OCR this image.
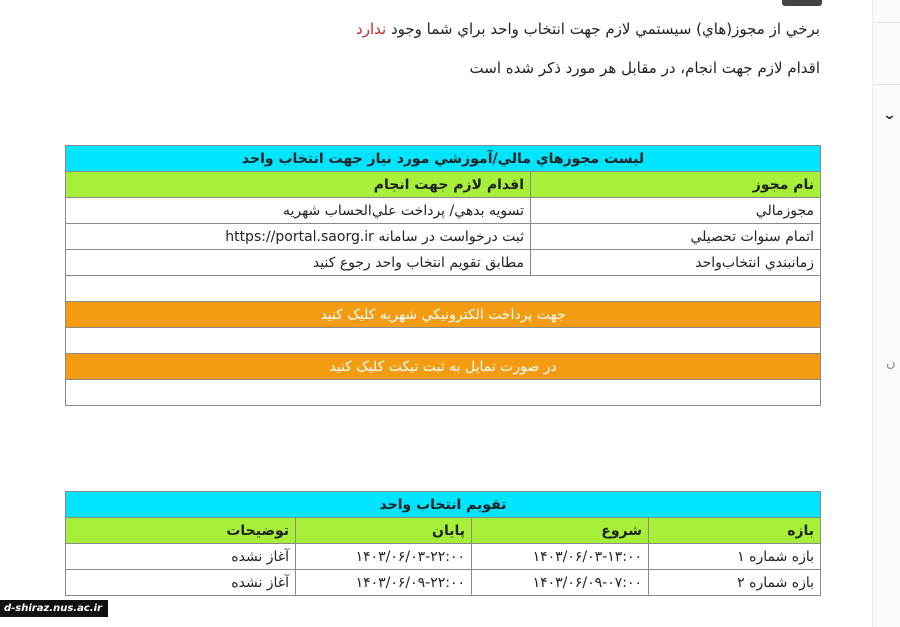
⌄
ں
برخي از مجوز(هاي) سيستمي لازم جهت انتخاب واحد براي شما وجود ندارد
اقدام لازم جهت انجام، در مقابل هر مورد ذكر شده است
ليست مجوزهاي مالي/آموزشي مورد نياز جهت انتخاب واحد	
نام مجوز	اقدام لازم جهت انجام
مجوزمالي	تسويه بدهي/ پرداخت علي‌الحساب شهريه
اتمام سنوات تحصيلي	ثبت درخواست در سامانه https://portal.saorg.ir
زمانبندي انتخاب‌واحد	مطابق تقويم انتخاب واحد رجوع كنيد

جهت پرداخت الكترونيكي شهريه كليک كنيد	

در صورت تمايل به ثبت تيكت كليک كنيد	

تقويم انتخاب واحد			
بازه	شروع	پايان	توضيحات
بازه شماره ۱	۱۴۰۳/۰۶/۰۳-۱۳:۰۰	۱۴۰۳/۰۶/۰۳-۲۲:۰۰	آغاز نشده
بازه شماره ۲	۱۴۰۳/۰۶/۰۹-۰۷:۰۰	۱۴۰۳/۰۶/۰۹-۲۲:۰۰	آغاز نشده
d-shiraz.nus.ac.ir
